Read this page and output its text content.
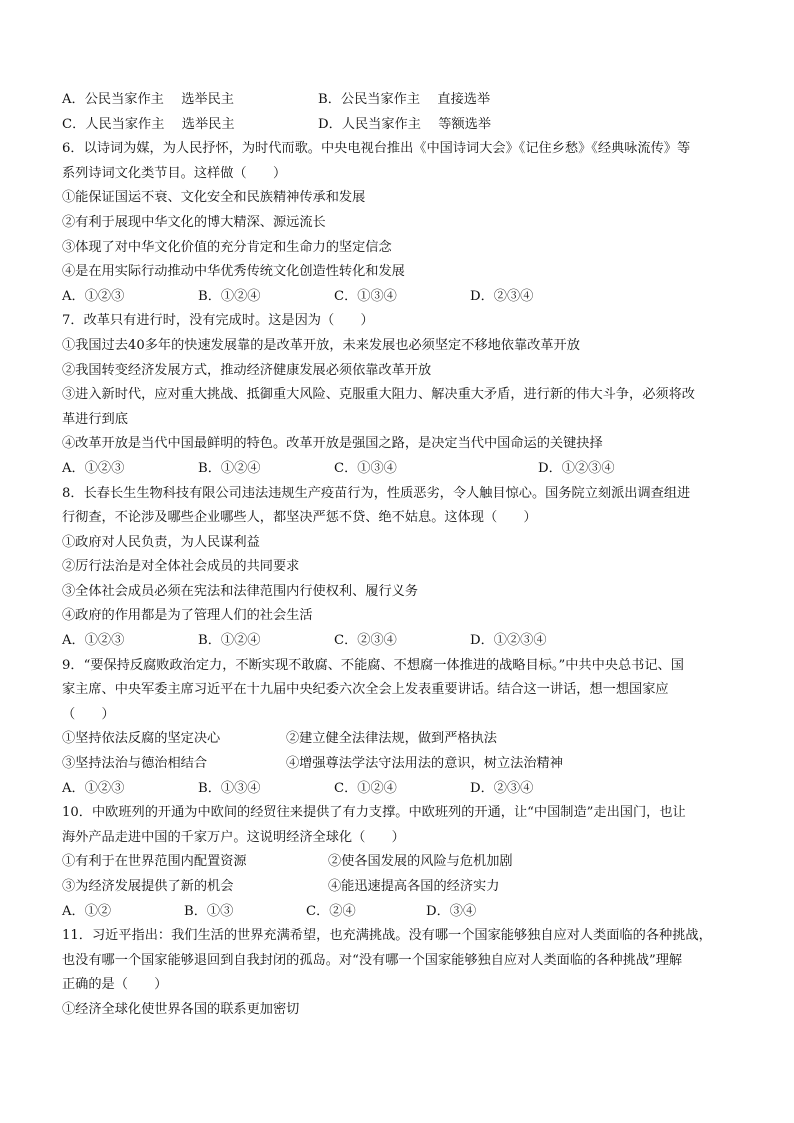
A．公民当家作主　 选举民主	B．公民当家作主　 直接选举
C．人民当家作主　 选举民主	D．人民当家作主　 等额选举
6．以诗词为媒，为人民抒怀，为时代而歌。中央电视台推出《中国诗词大会》《记住乡愁》《经典咏流传》等
系列诗词文化类节目。这样做（　　）
①能保证国运不衰、文化安全和民族精神传承和发展
②有利于展现中华文化的博大精深、源远流长
③体现了对中华文化价值的充分肯定和生命力的坚定信念
④是在用实际行动推动中华优秀传统文化创造性转化和发展
A．①②③	B．①②④	C．①③④	D．②③④
7．改革只有进行时，没有完成时。这是因为（　　）
①我国过去40多年的快速发展靠的是改革开放，未来发展也必须坚定不移地依靠改革开放
②我国转变经济发展方式，推动经济健康发展必须依靠改革开放
③进入新时代，应对重大挑战、抵御重大风险、克服重大阻力、解决重大矛盾，进行新的伟大斗争，必须将改
革进行到底
④改革开放是当代中国最鲜明的特色。改革开放是强国之路，是决定当代中国命运的关键抉择
A．①②③	B．①②④	C．①③④	D．①②③④
8．长春长生生物科技有限公司违法违规生产疫苗行为，性质恶劣，令人触目惊心。国务院立刻派出调查组进
行彻查，不论涉及哪些企业哪些人，都坚决严惩不贷、绝不姑息。这体现（　　）
①政府对人民负责，为人民谋利益
②厉行法治是对全体社会成员的共同要求
③全体社会成员必须在宪法和法律范围内行使权利、履行义务
④政府的作用都是为了管理人们的社会生活
A．①②③	B．①②④	C．②③④	D．①②③④
9．“要保持反腐败政治定力，不断实现不敢腐、不能腐、不想腐一体推进的战略目标。”中共中央总书记、国
家主席、中央军委主席习近平在十九届中央纪委六次全会上发表重要讲话。结合这一讲话，想一想国家应
（　　）
①坚持依法反腐的坚定决心	②建立健全法律法规，做到严格执法
③坚持法治与德治相结合	④增强尊法学法守法用法的意识，树立法治精神
A．①②③	B．①③④	C．①②④	D．②③④
10．中欧班列的开通为中欧间的经贸往来提供了有力支撑。中欧班列的开通，让“中国制造”走出国门，也让
海外产品走进中国的千家万户。这说明经济全球化（　　）
①有利于在世界范围内配置资源	②使各国发展的风险与危机加剧
③为经济发展提供了新的机会	④能迅速提高各国的经济实力
A．①②	B．①③	C．②④	D．③④
11．习近平指出：我们生活的世界充满希望，也充满挑战。没有哪一个国家能够独自应对人类面临的各种挑战，
也没有哪一个国家能够退回到自我封闭的孤岛。对“没有哪一个国家能够独自应对人类面临的各种挑战”理解
正确的是（　　）
①经济全球化使世界各国的联系更加密切
